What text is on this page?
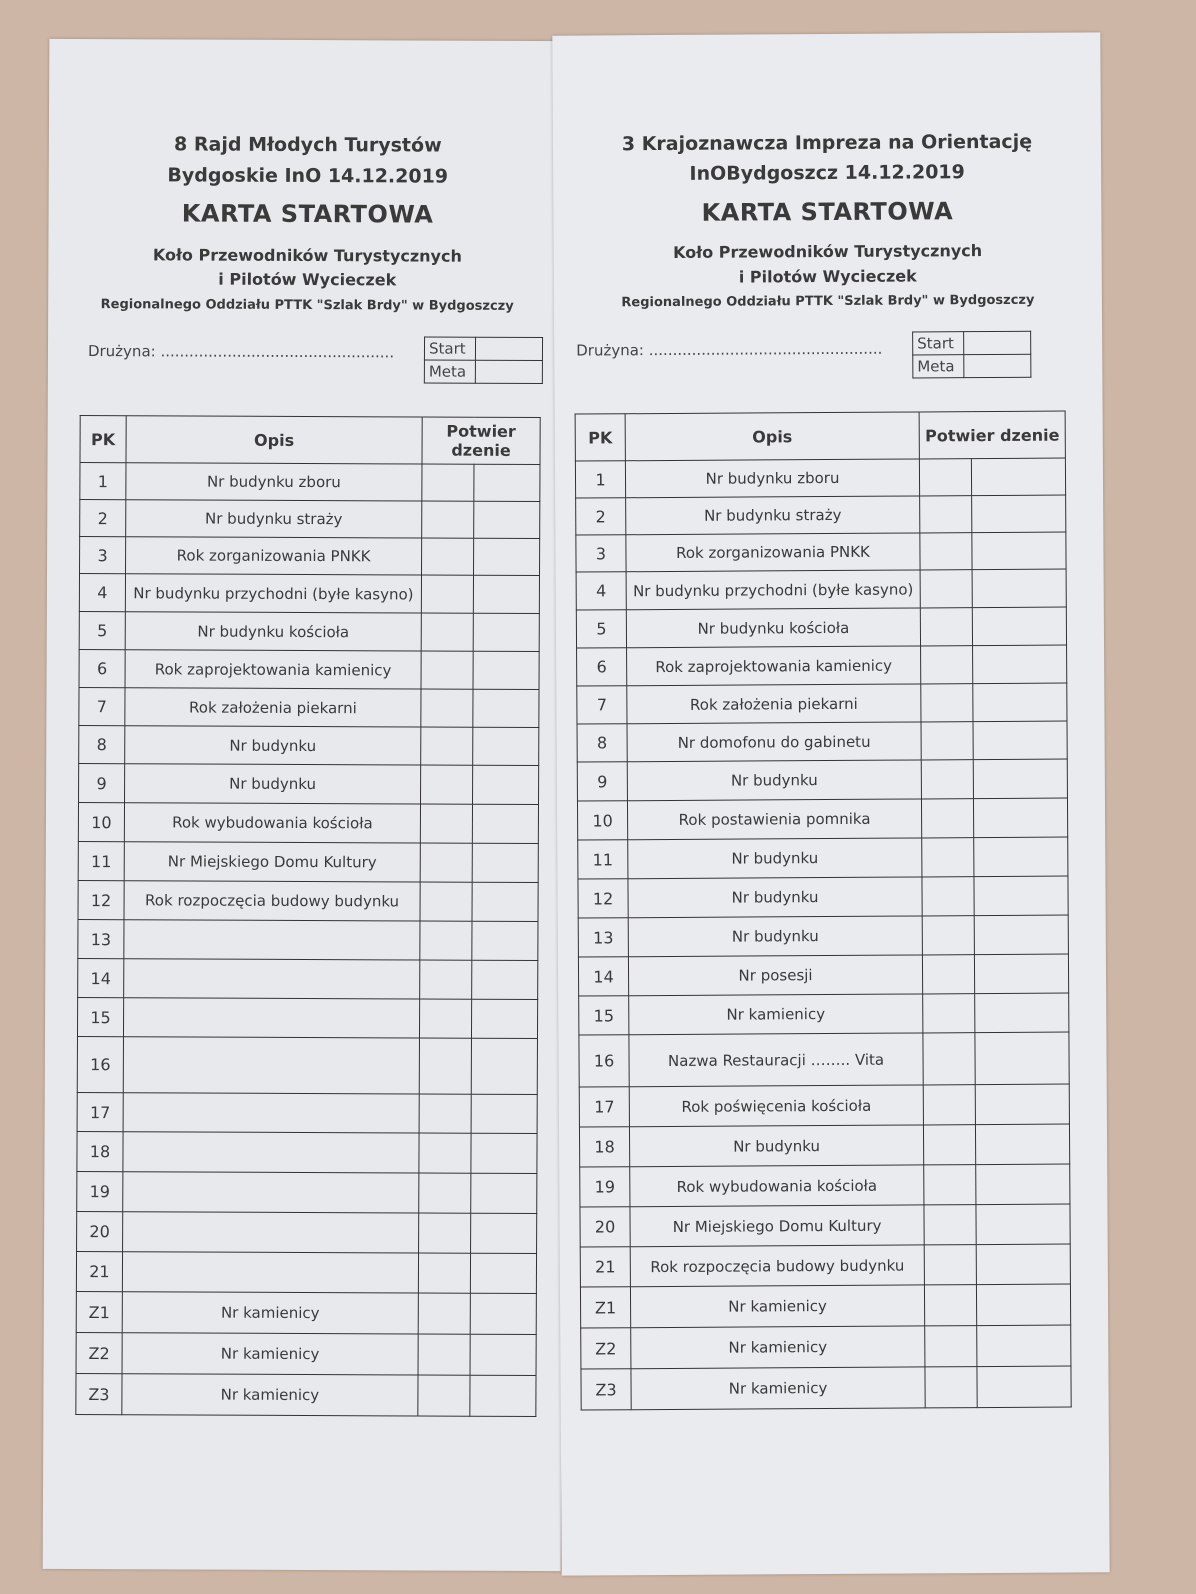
8 Rajd Młodych Turystów
Bydgoskie InO 14.12.2019
KARTA STARTOWA
Koło Przewodników Turystycznych
i Pilotów Wycieczek
Regionalnego Oddziału PTTK "Szlak Brdy" w Bydgoszczy
Drużyna: ................................................. Start	
Meta	
PK	Opis	Potwier dzenie	
1	Nr budynku zboru		
2	Nr budynku straży		
3	Rok zorganizowania PNKK		
4	Nr budynku przychodni (byłe kasyno)		
5	Nr budynku kościoła		
6	Rok zaprojektowania kamienicy		
7	Rok założenia piekarni		
8	Nr budynku		
9	Nr budynku		
10	Rok wybudowania kościoła		
11	Nr Miejskiego Domu Kultury		
12	Rok rozpoczęcia budowy budynku		
13			
14			
15			
16			
17			
18			
19			
20			
21			
Z1	Nr kamienicy		
Z2	Nr kamienicy		
Z3	Nr kamienicy		
3 Krajoznawcza Impreza na Orientację
InOBydgoszcz 14.12.2019
KARTA STARTOWA
Koło Przewodników Turystycznych
i Pilotów Wycieczek
Regionalnego Oddziału PTTK "Szlak Brdy" w Bydgoszczy
Drużyna: ................................................. Start	
Meta	
PK	Opis	Potwier dzenie	
1	Nr budynku zboru		
2	Nr budynku straży		
3	Rok zorganizowania PNKK		
4	Nr budynku przychodni (byłe kasyno)		
5	Nr budynku kościoła		
6	Rok zaprojektowania kamienicy		
7	Rok założenia piekarni		
8	Nr domofonu do gabinetu		
9	Nr budynku		
10	Rok postawienia pomnika		
11	Nr budynku		
12	Nr budynku		
13	Nr budynku		
14	Nr posesji		
15	Nr kamienicy		
16	Nazwa Restauracji …….. Vita		
17	Rok poświęcenia kościoła		
18	Nr budynku		
19	Rok wybudowania kościoła		
20	Nr Miejskiego Domu Kultury		
21	Rok rozpoczęcia budowy budynku		
Z1	Nr kamienicy		
Z2	Nr kamienicy		
Z3	Nr kamienicy		
